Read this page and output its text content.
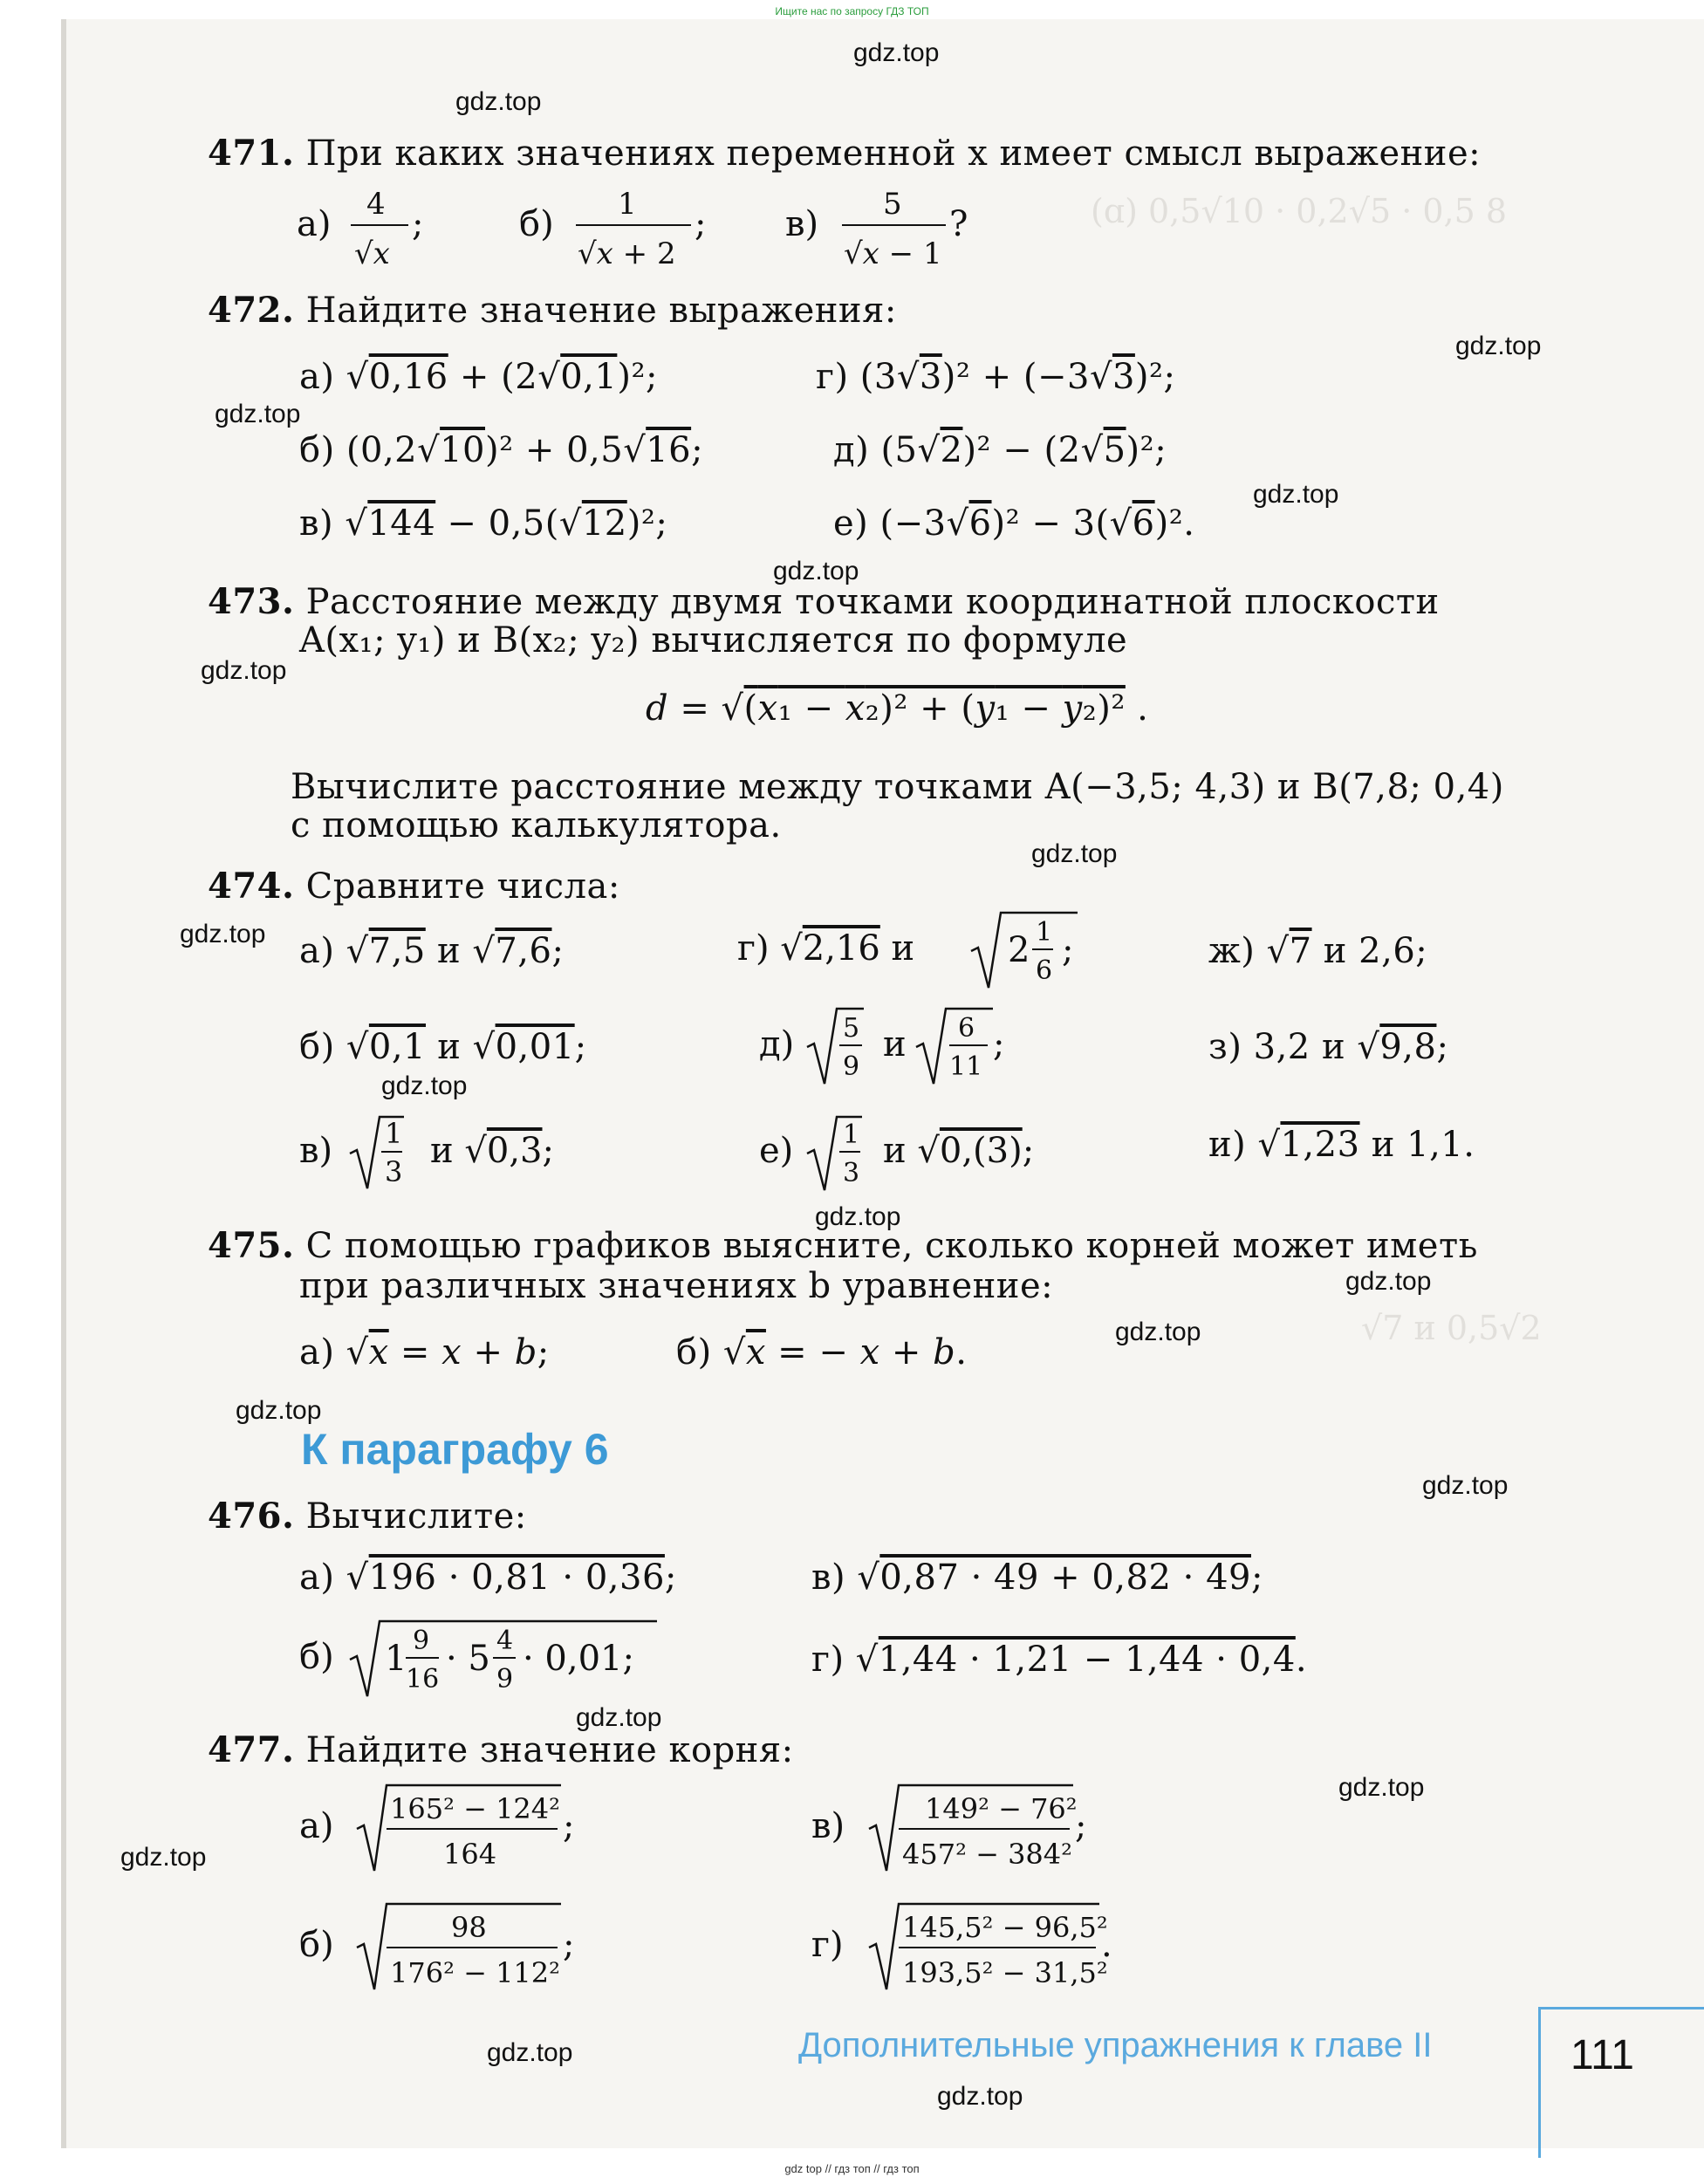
Ищите нас по запросу ГДЗ ТОП
(ɑ) 0,5√10 · 0,2√5 · 0,5 8
√7 и 0,5√2
gdz.top
gdz.top
gdz.top
gdz.top
gdz.top
gdz.top
gdz.top
gdz.top
gdz.top
gdz.top
gdz.top
gdz.top
gdz.top
gdz.top
gdz.top
gdz.top
gdz.top
gdz.top
gdz.top
gdz.top
471. При каких значениях переменной x имеет смысл выражение:
а) 4
√x
;	б) 1
√x + 2
; в) 5
√x − 1
?
472. Найдите значение выражения:
а) √0,16 + (2√0,1)²;
б) (0,2√10)² + 0,5√16;
в) √144 − 0,5(√12)²;
г) (3√3)² + (−3√3)²;
д) (5√2)² − (2√5)²;
е) (−3√6)² − 3(√6)².
473. Расстояние между двумя точками координатной плоскости
A(x₁; y₁) и B(x₂; y₂) вычисляется по формуле
d = √(x₁ − x₂)² + (y₁ − y₂)² .
Вычислите расстояние между точками A(−3,5; 4,3) и B(7,8; 0,4)
с помощью калькулятора.
474. Сравните числа:
а) √7,5 и √7,6;
б) √0,1 и √0,01;
в) 1
3
и √0,3;
г) √2,16 и	2 1
6
;
д) 5
9
и 6
11
;
е) 1
3
и √0,(3);
ж) √7 и 2,6;
з) 3,2 и √9,8;
и) √1,23 и 1,1.
475. С помощью графиков выясните, сколько корней может иметь
при различных значениях b уравнение:
а) √x = x + b;	б) √x = − x + b.
К параграфу 6
476. Вычислите:
а) √196 · 0,81 · 0,36;	в) √0,87 · 49 + 0,82 · 49;
б) 1 9
16
· 5 4
9
· 0,01;	г) √1,44 · 1,21 − 1,44 · 0,4.
477. Найдите значение корня:
а) 165² − 124²
164
;
б)	98
176² − 112²
;
в)	149² − 76²
457² − 384²
;
г) 145,5² − 96,5²
193,5² − 31,5²
.
Дополнительные упражнения к главе II	111
gdz top // гдз топ // гдз топ
